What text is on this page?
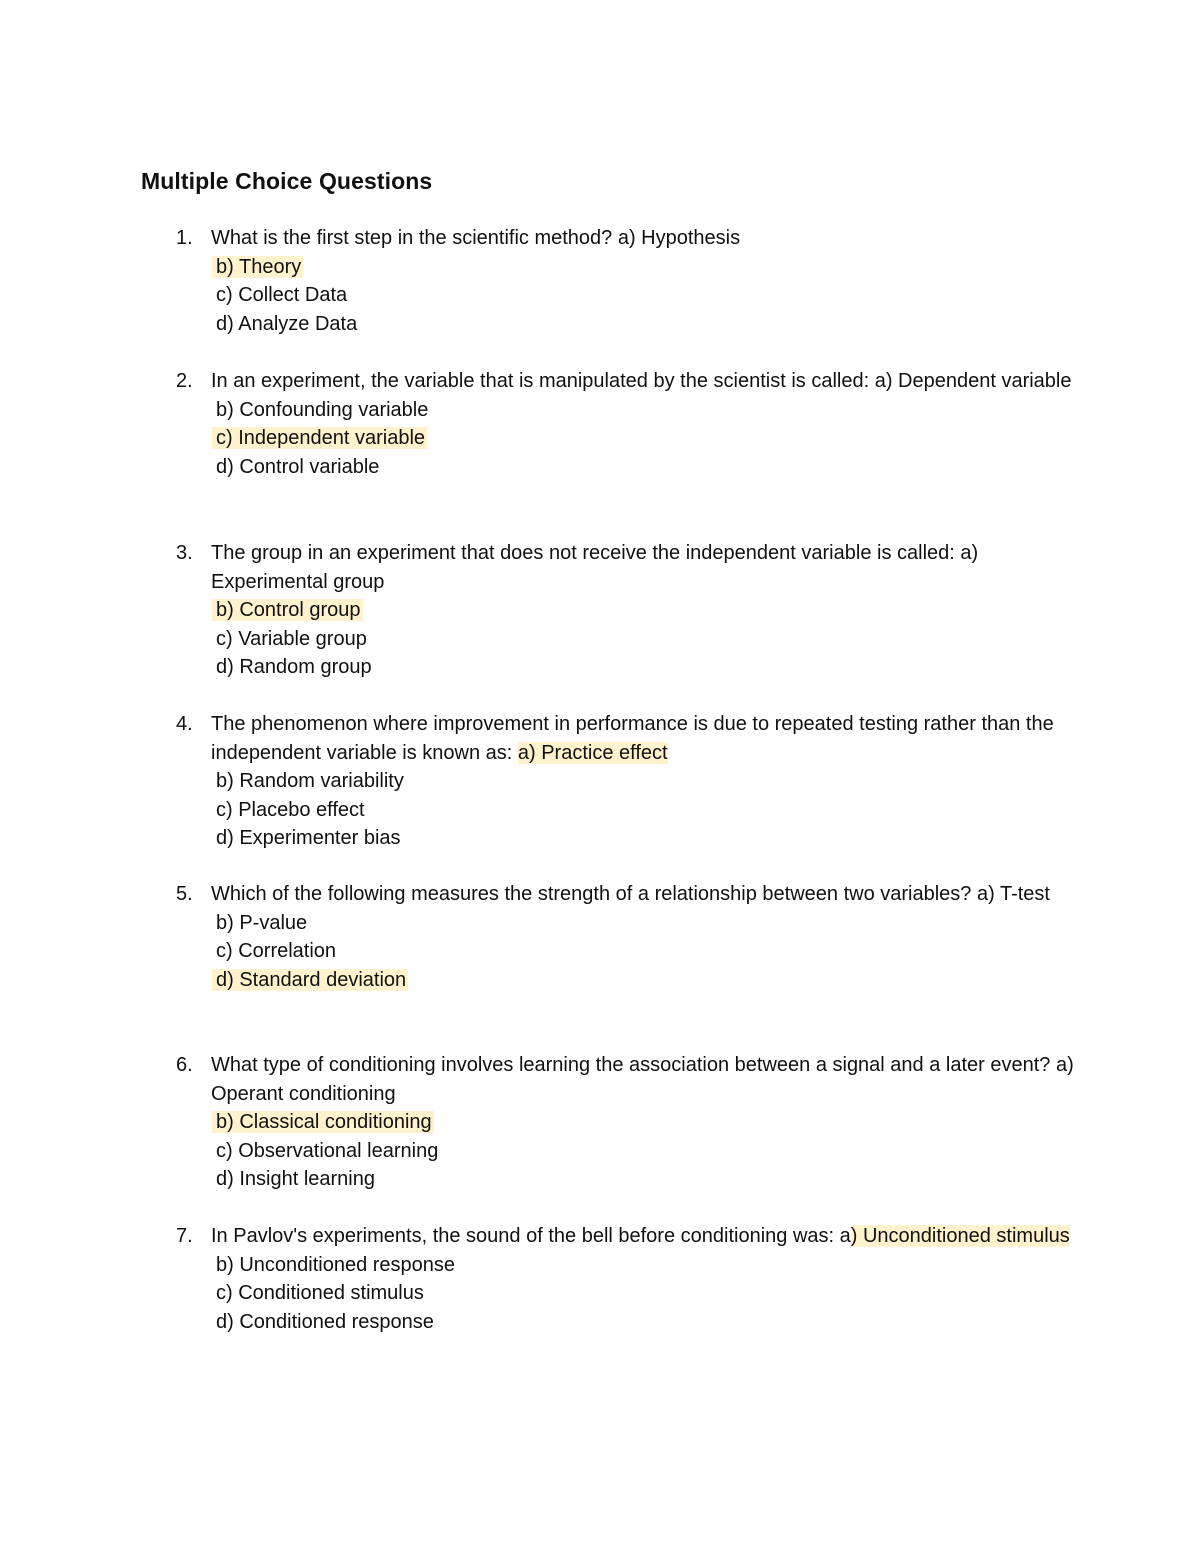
Multiple Choice Questions
1. What is the first step in the scientific method? a) Hypothesis
b) Theory
c) Collect Data
d) Analyze Data
2. In an experiment, the variable that is manipulated by the scientist is called: a) Dependent variable
b) Confounding variable
c) Independent variable
d) Control variable
3. The group in an experiment that does not receive the independent variable is called: a) Experimental group
b) Control group
c) Variable group
d) Random group
4. The phenomenon where improvement in performance is due to repeated testing rather than the independent variable is known as: a) Practice effect
b) Random variability
c) Placebo effect
d) Experimenter bias
5. Which of the following measures the strength of a relationship between two variables? a) T-test
b) P-value
c) Correlation
d) Standard deviation
6. What type of conditioning involves learning the association between a signal and a later event? a) Operant conditioning
b) Classical conditioning
c) Observational learning
d) Insight learning
7. In Pavlov's experiments, the sound of the bell before conditioning was: a) Unconditioned stimulus
b) Unconditioned response
c) Conditioned stimulus
d) Conditioned response
